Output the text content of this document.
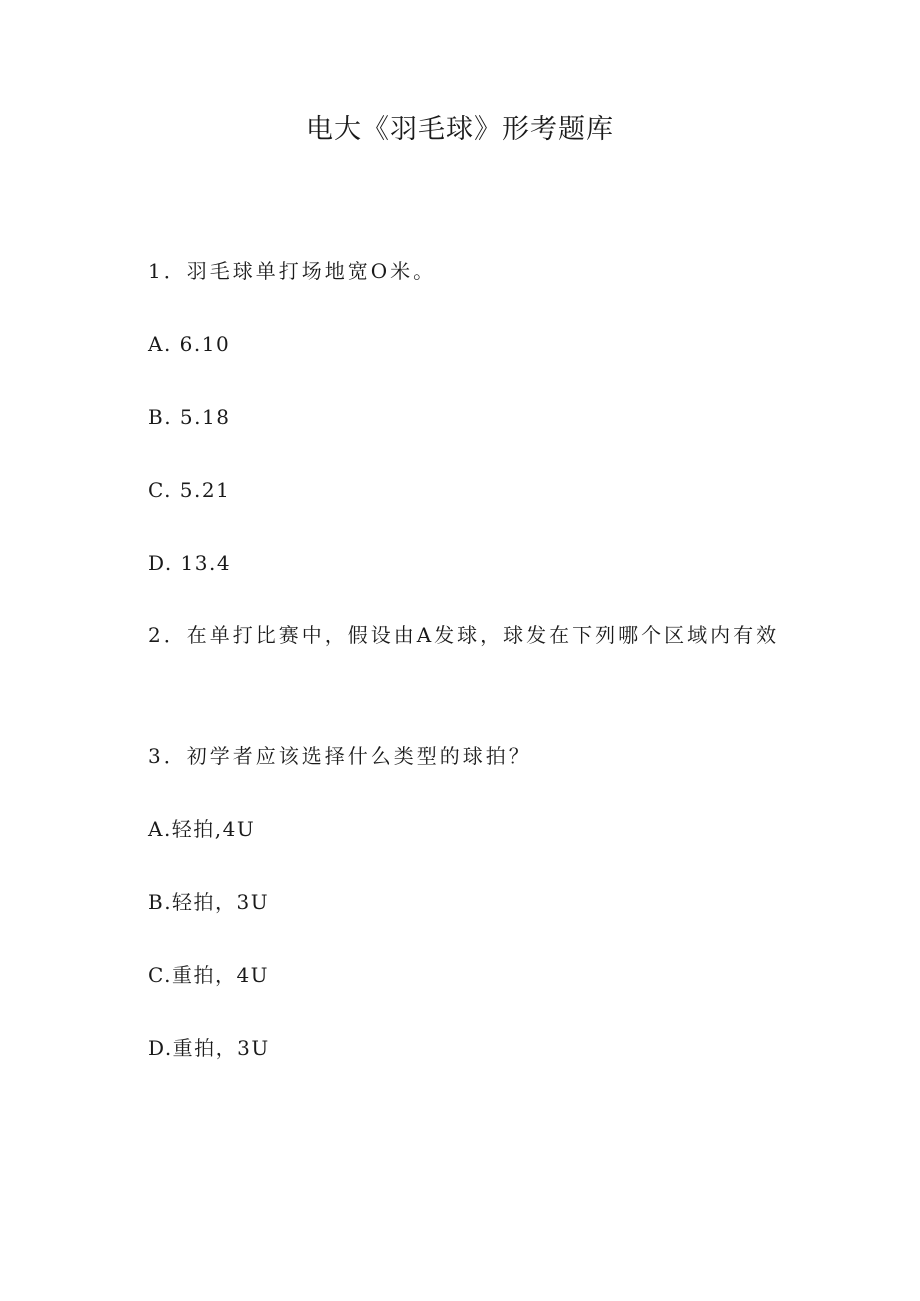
电大《羽毛球》形考题库
1．羽毛球单打场地宽O米。
A. 6.10
B. 5.18
C. 5.21
D. 13.4
2．在单打比赛中，假设由A发球，球发在下列哪个区域内有效
3．初学者应该选择什么类型的球拍？
A.轻拍,4U
B.轻拍，3U
C.重拍，4U
D.重拍，3U
